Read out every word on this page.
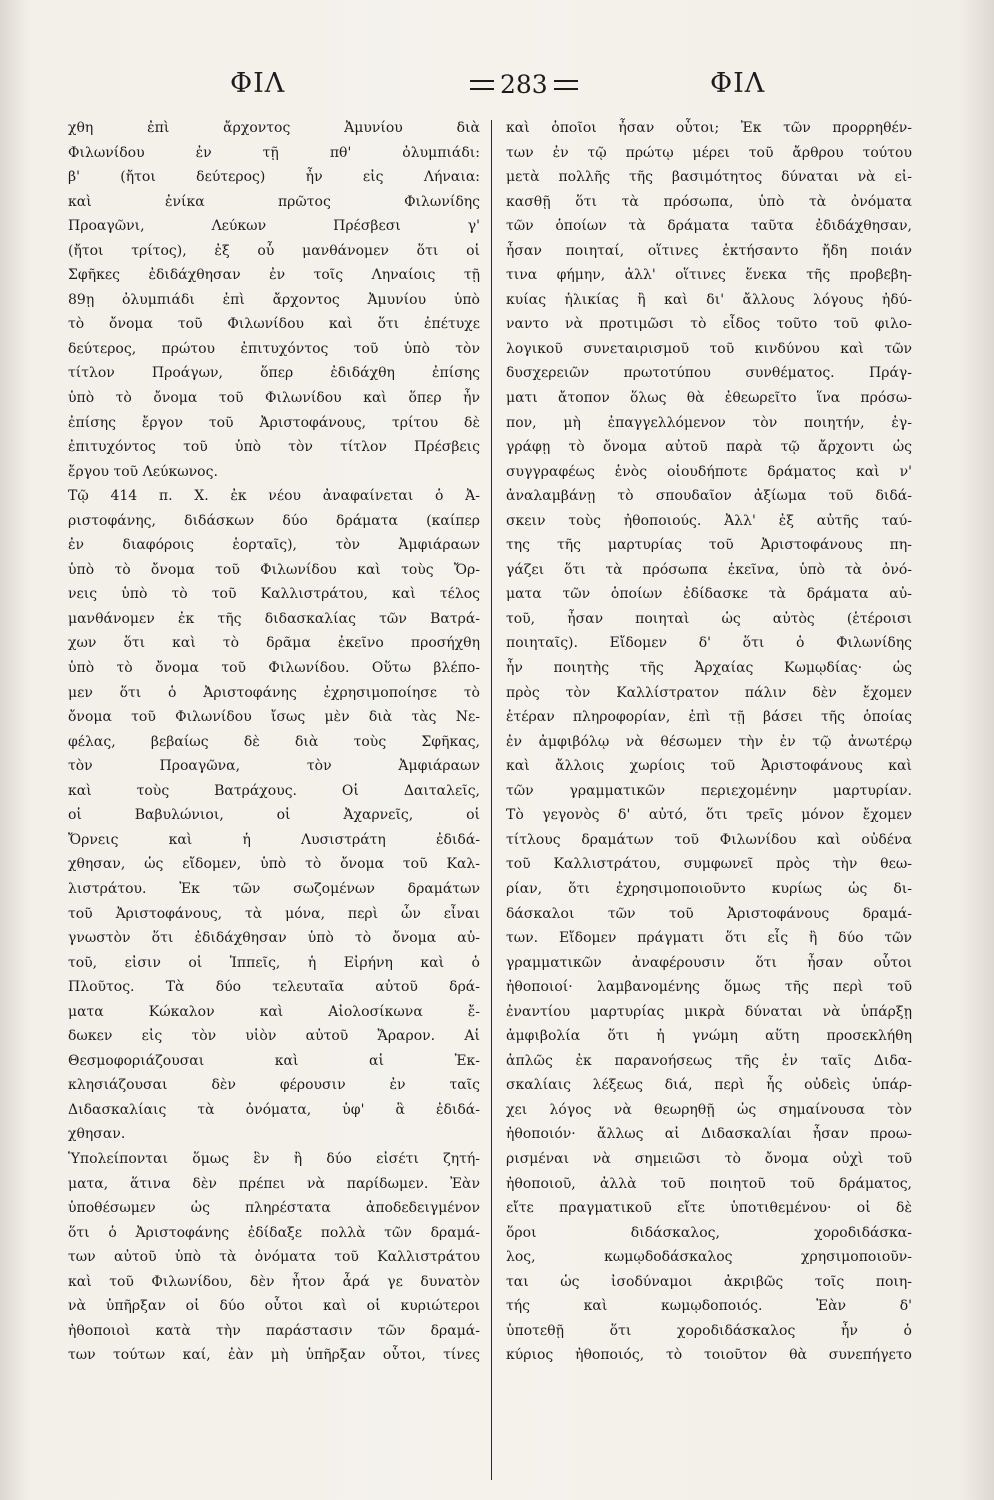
ΦΙΛ	283	ΦΙΛ
χθη ἐπὶ ἄρχοντος Ἀμυνίου διὰ
Φιλωνίδου ἐν τῇ πθ' ὀλυμπιάδι:
β' (ἤτοι δεύτερος) ἦν εἰς Λήναια:
καὶ ἐνίκα πρῶτος Φιλωνίδης
Προαγῶνι, Λεύκων Πρέσβεσι γ'
(ἤτοι τρίτος), ἐξ οὗ μανθάνομεν ὅτι οἱ
Σφῆκες ἐδιδάχθησαν ἐν τοῖς Ληναίοις τῇ
89ῃ ὀλυμπιάδι ἐπὶ ἄρχοντος Ἀμυνίου ὑπὸ
τὸ ὄνομα τοῦ Φιλωνίδου καὶ ὅτι ἐπέτυχε
δεύτερος, πρώτου ἐπιτυχόντος τοῦ ὑπὸ τὸν
τίτλον Προάγων, ὅπερ ἐδιδάχθη ἐπίσης
ὑπὸ τὸ ὄνομα τοῦ Φιλωνίδου καὶ ὅπερ ἦν
ἐπίσης ἔργον τοῦ Ἀριστοφάνους, τρίτου δὲ
ἐπιτυχόντος τοῦ ὑπὸ τὸν τίτλον Πρέσβεις
ἔργου τοῦ Λεύκωνος.
Τῷ 414 π. Χ. ἐκ νέου ἀναφαίνεται ὁ Ἀ-
ριστοφάνης, διδάσκων δύο δράματα (καίπερ
ἐν διαφόροις ἑορταῖς), τὸν Ἀμφιάραων
ὑπὸ τὸ ὄνομα τοῦ Φιλωνίδου καὶ τοὺς Ὄρ-
νεις ὑπὸ τὸ τοῦ Καλλιστράτου, καὶ τέλος
μανθάνομεν ἐκ τῆς διδασκαλίας τῶν Βατρά-
χων ὅτι καὶ τὸ δρᾶμα ἐκεῖνο προσήχθη
ὑπὸ τὸ ὄνομα τοῦ Φιλωνίδου. Οὕτω βλέπο-
μεν ὅτι ὁ Ἀριστοφάνης ἐχρησιμοποίησε τὸ
ὄνομα τοῦ Φιλωνίδου ἴσως μὲν διὰ τὰς Νε-
φέλας, βεβαίως δὲ διὰ τοὺς Σφῆκας,
τὸν Προαγῶνα, τὸν Ἀμφιάραων
καὶ τοὺς Βατράχους. Οἱ Δαιταλεῖς,
οἱ Βαβυλώνιοι, οἱ Ἀχαρνεῖς, οἱ
Ὄρνεις καὶ ἡ Λυσιστράτη ἐδιδά-
χθησαν, ὡς εἴδομεν, ὑπὸ τὸ ὄνομα τοῦ Καλ-
λιστράτου. Ἐκ τῶν σωζομένων δραμάτων
τοῦ Ἀριστοφάνους, τὰ μόνα, περὶ ὧν εἶναι
γνωστὸν ὅτι ἐδιδάχθησαν ὑπὸ τὸ ὄνομα αὐ-
τοῦ, εἰσιν οἱ Ἱππεῖς, ἡ Εἰρήνη καὶ ὁ
Πλοῦτος. Τὰ δύο τελευταῖα αὐτοῦ δρά-
ματα Κώκαλον καὶ Αἰολοσίκωνα ἔ-
δωκεν εἰς τὸν υἱὸν αὐτοῦ Ἄραρον. Αἱ
Θεσμοφοριάζουσαι καὶ αἱ Ἐκ-
κλησιάζουσαι δὲν φέρουσιν ἐν ταῖς
Διδασκαλίαις τὰ ὀνόματα, ὑφ' ἃ ἐδιδά-
χθησαν.
Ὑπολείπονται ὅμως ἓν ἢ δύο εἰσέτι ζητή-
ματα, ἅτινα δὲν πρέπει νὰ παρίδωμεν. Ἐὰν
ὑποθέσωμεν ὡς πληρέστατα ἀποδεδειγμένον
ὅτι ὁ Ἀριστοφάνης ἐδίδαξε πολλὰ τῶν δραμά-
των αὐτοῦ ὑπὸ τὰ ὀνόματα τοῦ Καλλιστράτου
καὶ τοῦ Φιλωνίδου, δὲν ἦτον ἆρά γε δυνατὸν
νὰ ὑπῆρξαν οἱ δύο οὗτοι καὶ οἱ κυριώτεροι
ἠθοποιοὶ κατὰ τὴν παράστασιν τῶν δραμά-
των τούτων καί, ἐὰν μὴ ὑπῆρξαν οὗτοι, τίνες
καὶ ὁποῖοι ἦσαν οὗτοι; Ἐκ τῶν προρρηθέν-
των ἐν τῷ πρώτῳ μέρει τοῦ ἄρθρου τούτου
μετὰ πολλῆς τῆς βασιμότητος δύναται νὰ εἰ-
κασθῇ ὅτι τὰ πρόσωπα, ὑπὸ τὰ ὀνόματα
τῶν ὁποίων τὰ δράματα ταῦτα ἐδιδάχθησαν,
ἦσαν ποιηταί, οἵτινες ἐκτήσαντο ἤδη ποιάν
τινα φήμην, ἀλλ' οἵτινες ἕνεκα τῆς προβεβη-
κυίας ἡλικίας ἢ καὶ δι' ἄλλους λόγους ἠδύ-
ναντο νὰ προτιμῶσι τὸ εἶδος τοῦτο τοῦ φιλο-
λογικοῦ συνεταιρισμοῦ τοῦ κινδύνου καὶ τῶν
δυσχερειῶν πρωτοτύπου συνθέματος. Πράγ-
ματι ἄτοπον ὅλως θὰ ἐθεωρεῖτο ἵνα πρόσω-
πον, μὴ ἐπαγγελλόμενον τὸν ποιητήν, ἐγ-
γράφῃ τὸ ὄνομα αὐτοῦ παρὰ τῷ ἄρχοντι ὡς
συγγραφέως ἑνὸς οἱουδήποτε δράματος καὶ ν'
ἀναλαμβάνῃ τὸ σπουδαῖον ἀξίωμα τοῦ διδά-
σκειν τοὺς ἠθοποιούς. Ἀλλ' ἐξ αὐτῆς ταύ-
της τῆς μαρτυρίας τοῦ Ἀριστοφάνους πη-
γάζει ὅτι τὰ πρόσωπα ἐκεῖνα, ὑπὸ τὰ ὀνό-
ματα τῶν ὁποίων ἐδίδασκε τὰ δράματα αὐ-
τοῦ, ἦσαν ποιηταὶ ὡς αὐτὸς (ἑτέροισι
ποιηταῖς). Εἴδομεν δ' ὅτι ὁ Φιλωνίδης
ἦν ποιητὴς τῆς Ἀρχαίας Κωμῳδίας· ὡς
πρὸς τὸν Καλλίστρατον πάλιν δὲν ἔχομεν
ἑτέραν πληροφορίαν, ἐπὶ τῇ βάσει τῆς ὁποίας
ἐν ἀμφιβόλῳ νὰ θέσωμεν τὴν ἐν τῷ ἀνωτέρῳ
καὶ ἄλλοις χωρίοις τοῦ Ἀριστοφάνους καὶ
τῶν γραμματικῶν περιεχομένην μαρτυρίαν.
Τὸ γεγονὸς δ' αὐτό, ὅτι τρεῖς μόνον ἔχομεν
τίτλους δραμάτων τοῦ Φιλωνίδου καὶ οὐδένα
τοῦ Καλλιστράτου, συμφωνεῖ πρὸς τὴν θεω-
ρίαν, ὅτι ἐχρησιμοποιοῦντο κυρίως ὡς δι-
δάσκαλοι τῶν τοῦ Ἀριστοφάνους δραμά-
των. Εἴδομεν πράγματι ὅτι εἷς ἢ δύο τῶν
γραμματικῶν ἀναφέρουσιν ὅτι ἦσαν οὗτοι
ἠθοποιοί· λαμβανομένης ὅμως τῆς περὶ τοῦ
ἐναντίου μαρτυρίας μικρὰ δύναται νὰ ὑπάρξῃ
ἀμφιβολία ὅτι ἡ γνώμη αὕτη προσεκλήθη
ἁπλῶς ἐκ παρανοήσεως τῆς ἐν ταῖς Διδα-
σκαλίαις λέξεως διά, περὶ ἧς οὐδεὶς ὑπάρ-
χει λόγος νὰ θεωρηθῇ ὡς σημαίνουσα τὸν
ἠθοποιόν· ἄλλως αἱ Διδασκαλίαι ἦσαν προω-
ρισμέναι νὰ σημειῶσι τὸ ὄνομα οὐχὶ τοῦ
ἠθοποιοῦ, ἀλλὰ τοῦ ποιητοῦ τοῦ δράματος,
εἴτε πραγματικοῦ εἴτε ὑποτιθεμένου· οἱ δὲ
ὅροι διδάσκαλος, χοροδιδάσκα-
λος, κωμῳδοδάσκαλος χρησιμοποιοῦν-
ται ὡς ἰσοδύναμοι ἀκριβῶς τοῖς ποιη-
τής καὶ κωμῳδοποιός. Ἐὰν δ'
ὑποτεθῇ ὅτι χοροδιδάσκαλος ἦν ὁ
κύριος ἠθοποιός, τὸ τοιοῦτον θὰ συνεπήγετο
